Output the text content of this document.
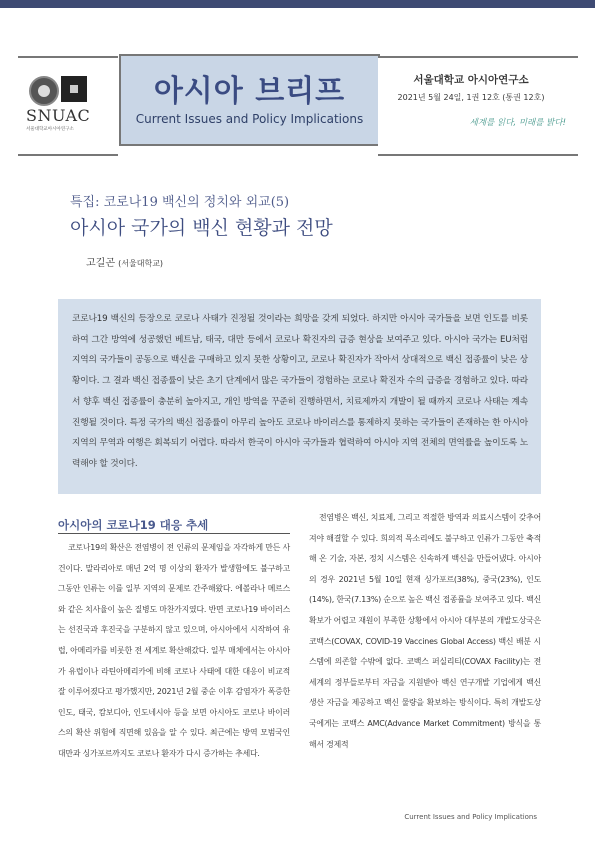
SNUAC
서울대학교아시아연구소
아시아 브리프
Current Issues and Policy Implications
서울대학교 아시아연구소
2021년 5월 24일, 1권 12호 (통권 12호)
세계를 읽다, 미래를 밝다!
특집: 코로나19 백신의 정치와 외교(5)
아시아 국가의 백신 현황과 전망
고길곤 (서울대학교)

코로나19 백신의 등장으로 코로나 사태가 진정될 것이라는 희망을 갖게 되었다. 하지만 아시아 국가들을 보면 인도를 비롯하여 그간 방역에 성공했던 베트남, 태국, 대만 등에서 코로나 확진자의 급증 현상을 보여주고 있다. 아시아 국가는 EU처럼 지역의 국가들이 공동으로 백신을 구매하고 있지 못한 상황이고, 코로나 확진자가 작아서 상대적으로 백신 접종률이 낮은 상황이다. 그 결과 백신 접종률이 낮은 초기 단계에서 많은 국가들이 경험하는 코로나 확진자 수의 급증을 경험하고 있다. 따라서 향후 백신 접종률이 충분히 높아지고, 개인 방역을 꾸준히 진행하면서, 치료제까지 개발이 될 때까지 코로나 사태는 계속 진행될 것이다. 특정 국가의 백신 접종률이 아무리 높아도 코로나 바이러스를 통제하지 못하는 국가들이 존재하는 한 아시아 지역의 무역과 여행은 회복되기 어렵다. 따라서 한국이 아시아 국가들과 협력하여 아시아 지역 전체의 면역률을 높이도록 노력해야 할 것이다.

아시아의 코로나19 대응 추세

코로나19의 확산은 전염병이 전 인류의 문제임을 자각하게 만든 사건이다. 말라리아로 매년 2억 명 이상의 환자가 발생함에도 불구하고 그동안 인류는 이를 일부 지역의 문제로 간주해왔다. 에볼라나 메르스와 같은 치사율이 높은 질병도 마찬가지였다. 반면 코로나19 바이러스는 선진국과 후진국을 구분하지 않고 있으며, 아시아에서 시작하여 유럽, 아메리카를 비롯한 전 세계로 확산해갔다. 일부 매체에서는 아시아가 유럽이나 라틴아메리카에 비해 코로나 사태에 대한 대응이 비교적 잘 이루어졌다고 평가했지만, 2021년 2월 중순 이후 감염자가 폭증한 인도, 태국, 캄보디아, 인도네시아 등을 보면 아시아도 코로나 바이러스의 확산 위험에 직면해 있음을 알 수 있다. 최근에는 방역 모범국인 대만과 싱가포르까지도 코로나 환자가 다시 증가하는 추세다.

전염병은 백신, 치료제, 그리고 적절한 방역과 의료시스템이 갖추어져야 해결할 수 있다. 희의적 목소리에도 불구하고 인류가 그동안 축적해 온 기술, 자본, 정치 시스템은 신속하게 백신을 만들어냈다. 아시아의 경우 2021년 5월 10일 현재 싱가포르(38%), 중국(23%), 인도(14%), 한국(7.13%) 순으로 높은 백신 접종률을 보여주고 있다. 백신 확보가 어렵고 재원이 부족한 상황에서 아시아 대부분의 개발도상국은 코백스(COVAX, COVID-19 Vaccines Global Access) 백신 배분 시스템에 의존할 수밖에 없다. 코백스 퍼실리티(COVAX Facility)는 전 세계의 정부들로부터 자금을 지원받아 백신 연구개발 기업에게 백신 생산 자금을 제공하고 백신 물량을 확보하는 방식이다. 특히 개발도상국에게는 코백스 AMC(Advance Market Commitment) 방식을 통해서 경제적

Current Issues and Policy Implications
